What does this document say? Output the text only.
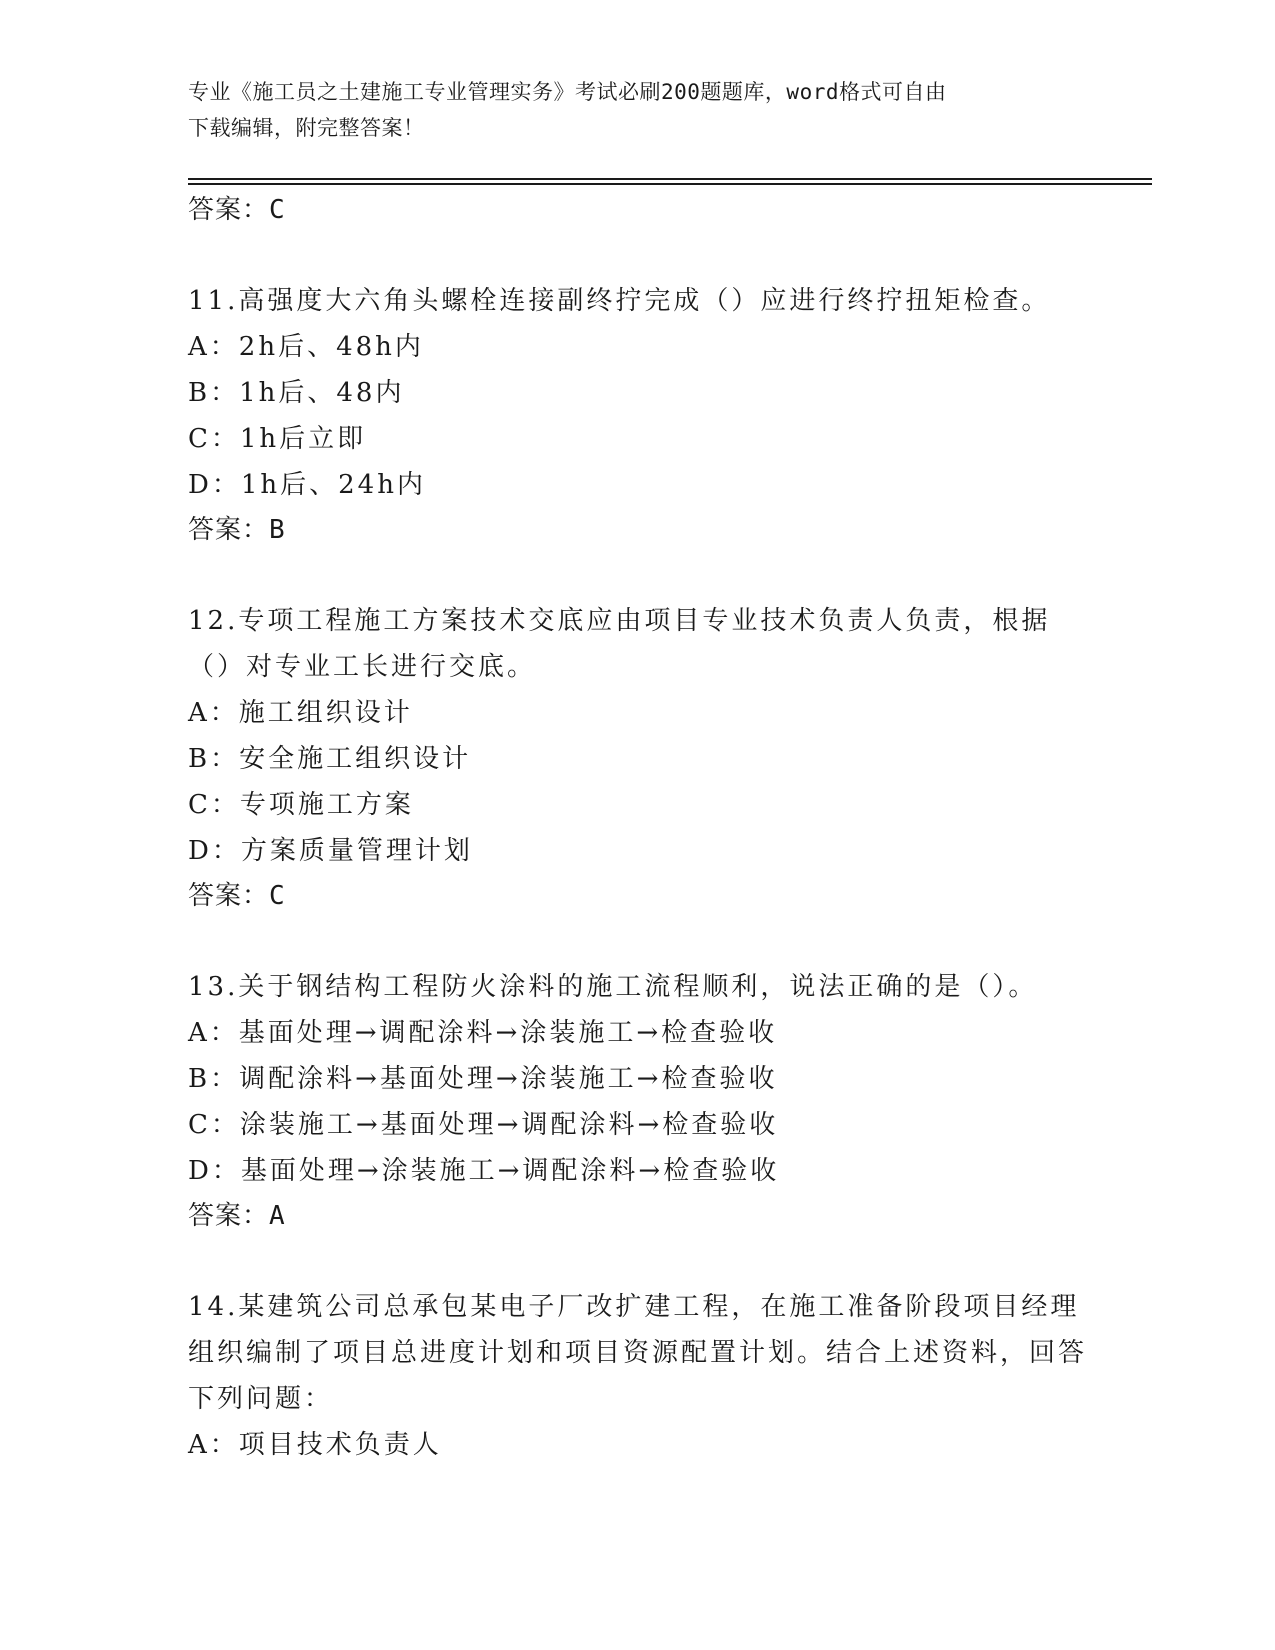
专业《施工员之土建施工专业管理实务》考试必刷200题题库，word格式可自由
下载编辑，附完整答案！
答案：C
11.高强度大六角头螺栓连接副终拧完成（）应进行终拧扭矩检查。
A：2h后、48h内
B：1h后、48内
C：1h后立即
D：1h后、24h内
答案：B
12.专项工程施工方案技术交底应由项目专业技术负责人负责，根据（）对专业工长进行交底。
A：施工组织设计
B：安全施工组织设计
C：专项施工方案
D：方案质量管理计划
答案：C
13.关于钢结构工程防火涂料的施工流程顺利，说法正确的是（）。
A：基面处理→调配涂料→涂装施工→检查验收
B：调配涂料→基面处理→涂装施工→检查验收
C：涂装施工→基面处理→调配涂料→检查验收
D：基面处理→涂装施工→调配涂料→检查验收
答案：A
14.某建筑公司总承包某电子厂改扩建工程，在施工准备阶段项目经理组织编制了项目总进度计划和项目资源配置计划。结合上述资料，回答下列问题：
A：项目技术负责人
